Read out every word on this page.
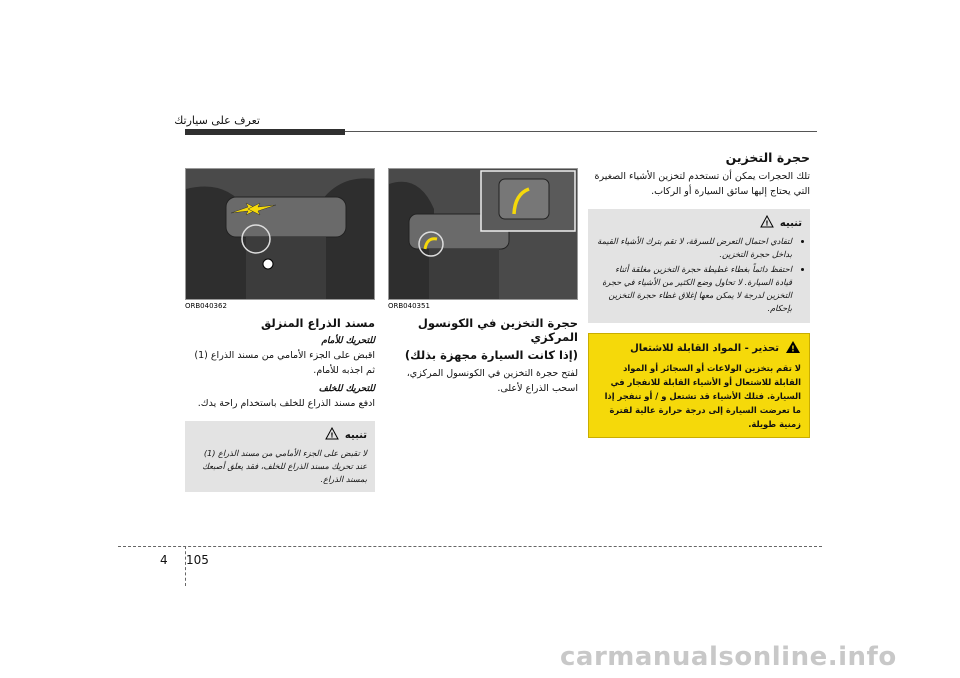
تعرف على سيارتك
ORB040362
مسند الذراع المنزلق

للتحريك للأمام

اقبض على الجزء الأمامي من مسند الذراع (1) ثم اجذبه للأمام.

للتحريك للخلف

ادفع مسند الذراع للخلف باستخدام راحة يدك.

تنبيه
!
لا تقبض على الجزء الأمامي من مسند الذراع (1) عند تحريك مسند الذراع للخلف، فقد يعلق أصبعك بمسند الذراع.
ORB040351
حجرة التخزين في الكونسول المركزي
(إذا كانت السيارة مجهزة بذلك)

لفتح حجرة التخزين في الكونسول المركزي، اسحب الذراع لأعلى.

حجرة التخزين

تلك الحجرات يمكن أن تستخدم لتخزين الأشياء الصغيرة التي يحتاج إليها سائق السيارة أو الركاب.

تنبيه
!
• لتفادي احتمال التعرض للسرقة، لا تقم بترك الأشياء القيمة بداخل حجرة التخزين.
• احتفظ دائماً بغطاء غطيطة حجرة التخزين مغلقة أثناء قيادة السيارة. لا تحاول وضع الكثير من الأشياء في حجرة التخزين لدرجة لا يمكن معها إغلاق غطاء حجرة التخزين بإحكام.
!
تحذير - المواد القابلة للاشتعال
لا تقم بتخزين الولاعات أو السجائر أو المواد القابلة للاشتعال أو الأشياء القابلة للانفجار في السيارة. فتلك الأشياء قد تشتعل و / أو تنفجر إذا ما تعرضت السيارة إلى درجة حرارة عالية لفترة زمنية طويلة.
4 105
carmanualsonline.info
